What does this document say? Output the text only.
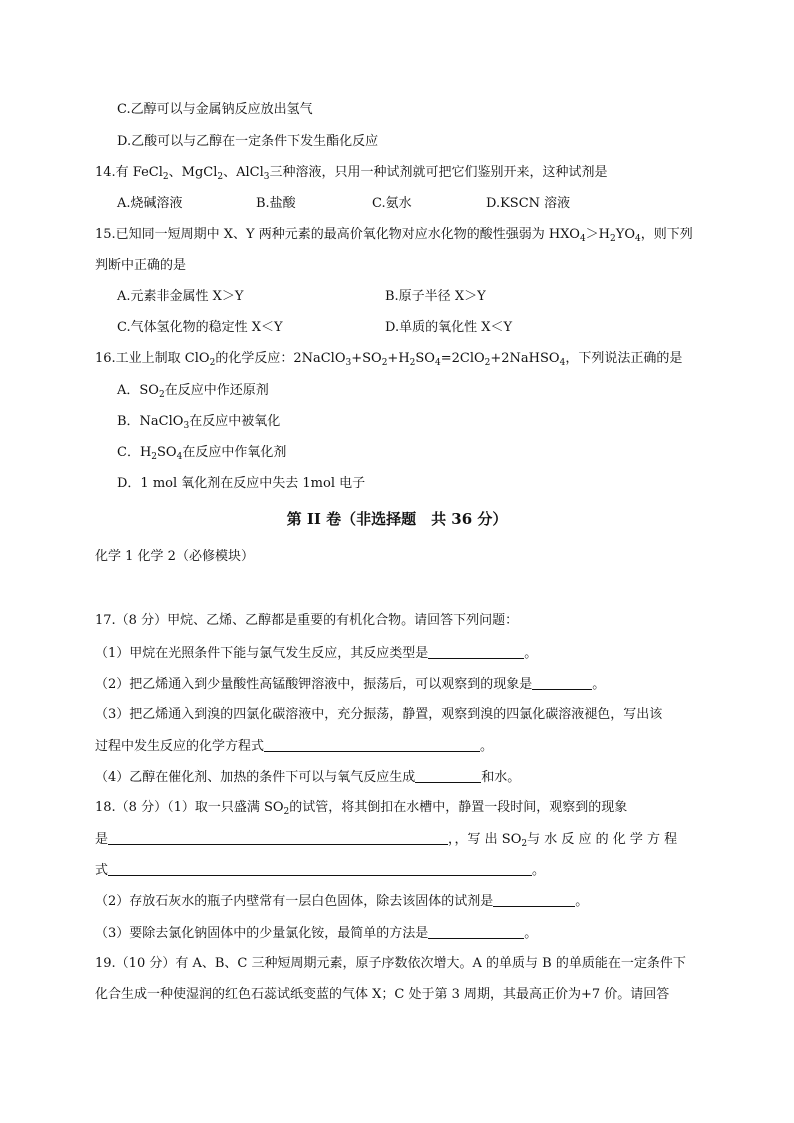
C.乙醇可以与金属钠反应放出氢气
D.乙酸可以与乙醇在一定条件下发生酯化反应
14.有 FeCl$_2$、MgCl$_2$、AlCl$_3$三种溶液，只用一种试剂就可把它们鉴别开来，这种试剂是
A.烧碱溶液	B.盐酸	C.氨水	D.KSCN 溶液
15.已知同一短周期中 X、Y 两种元素的最高价氧化物对应水化物的酸性强弱为 $HXO_4>H_2YO_4$，则下列
判断中正确的是
A.元素非金属性 X＞Y	B.原子半径 X＞Y
C.气体氢化物的稳定性 X＜Y	D.单质的氧化性 X＜Y
16.工业上制取 ClO$_2$的化学反应：$2NaClO_3+SO_2+H_2SO_4=2ClO_2+2NaHSO_4$，下列说法正确的是
A．$SO_2$在反应中作还原剂
B．NaClO$_3$在反应中被氧化
C．$H_2SO_4$在反应中作氧化剂
D．1 mol 氧化剂在反应中失去 1mol 电子
第 II 卷（非选择题　共 36 分）
化学 1 化学 2（必修模块）
17.（8 分）甲烷、乙烯、乙醇都是重要的有机化合物。请回答下列问题：
（1）甲烷在光照条件下能与氯气发生反应，其反应类型是	。
（2）把乙烯通入到少量酸性高锰酸钾溶液中，振荡后，可以观察到的现象是	。
（3）把乙烯通入到溴的四氯化碳溶液中，充分振荡，静置，观察到溴的四氯化碳溶液褪色，写出该
过程中发生反应的化学方程式	。
（4）乙醇在催化剂、加热的条件下可以与氧气反应生成	和水。
18.（8 分）（1）取一只盛满 $SO_2$的试管，将其倒扣在水槽中，静置一段时间，观察到的现象
是	，，写 出 $SO_2$与 水 反 应 的 化 学 方 程
式	。
（2）存放石灰水的瓶子内壁常有一层白色固体，除去该固体的试剂是	。
（3）要除去氯化钠固体中的少量氯化铵，最简单的方法是	。
19.（10 分）有 A、B、C 三种短周期元素，原子序数依次增大。A 的单质与 B 的单质能在一定条件下
化合生成一种使湿润的红色石蕊试纸变蓝的气体 X；C 处于第 3 周期，其最高正价为+7 价。请回答
